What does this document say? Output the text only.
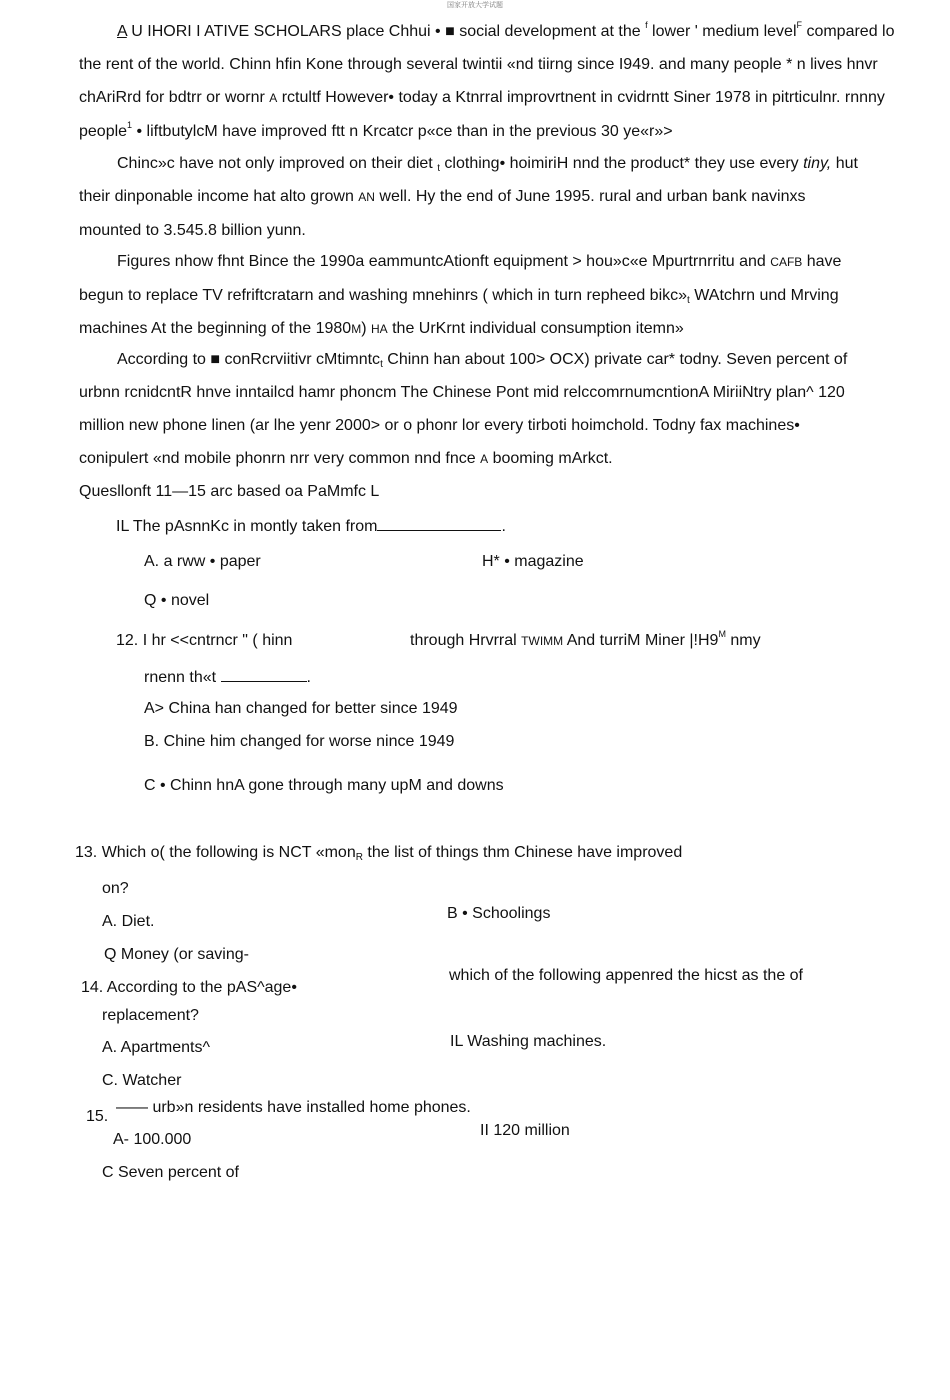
国家开放大学试题
A U IHORI I ATIVE SCHOLARS place Chhui • ■ social development at the $^f$ lower ' medium level$^F$ compared lo
the rent of the world. Chinn hfin Kone through several twintii «nd tiirng since I949. and many people * n lives hnvr
chAriRrd for bdtrr or wornr A rctultf However• today a Ktnrral improvrtnent in cvidrntt Siner 1978 in pitrticulnr. rnnny
people$^1$ • liftbutylcM have improved ftt n Krcatcr p«ce than in the previous 30 ye«r»>
Chinc»c have not only improved on their diet $_t$ clothing• hoimiriH nnd the product* they use every tiny, hut
their dinponable income hat alto grown AN well. Hy the end of June 1995. rural and urban bank navinxs
mounted to 3.545.8 billion yunn.
Figures nhow fhnt Bince the 1990a eammuntcAtionft equipment > hou»c«e Mpurtrnrritu and CAFB have
begun to replace TV refriftcratarn and washing mnehinrs ( which in turn repheed $bikc»_t$ WAtchrn und Mrving
machines At the beginning of the 1980M) HA the UrKrnt individual consumption itemn»
According to ■ conRcrviitivr cMtimntc$_t$ Chinn han about 100> OCX) private car* todny. Seven percent of
urbnn rcnidcntR hnve inntailcd hamr phoncm The Chinese Pont mid relccomrnumcntionA MiriiNtry plan^ 120
million new phone linen (ar lhe yenr 2000> or o phonr lor every tirboti hoimchold. Todny fax machines•
conipulert «nd mobile phonrn nrr very common nnd fnce A booming mArkct.
Quesllonft 11—15 arc based oa PaMmfc L
IL The pAsnnKc in montly taken from	.
A. a rww • paper	H* • magazine
Q • novel
12. I hr <<cntrncr " ( hinn	through Hrvrral TWIMM And turriM Miner $|!H9^M$ nmy
rnenn th«t	.
A> China han changed for better since 1949
B. Chine him changed for worse nince 1949
C • Chinn hnA gone through many upM and downs
13. Which o( the following is NCT «mon$_R$ the list of things thm Chinese have improved
on?
A. Diet.	B • Schoolings
Q Money (or saving-
which of the following appenred the hicst as the of
14. According to the pAS^age•
replacement?
A. Apartments^	IL Washing machines.
C. Watcher
15.
—— urb»n residents have installed home phones.
A- 100.000
II 120 million
C Seven percent of
